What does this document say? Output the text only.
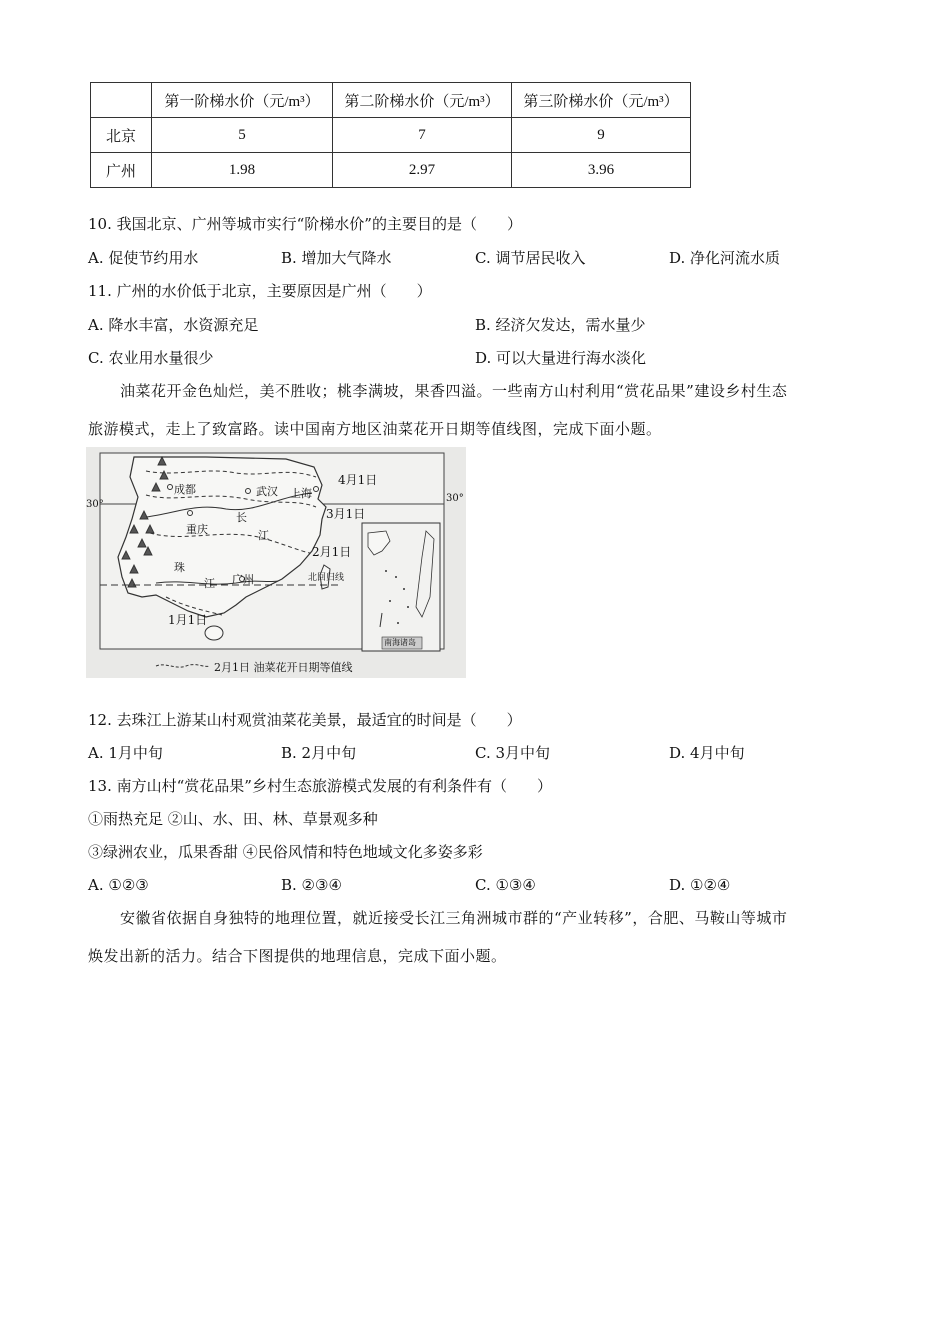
	第一阶梯水价（元/m³）	第二阶梯水价（元/m³）	第三阶梯水价（元/m³）
北京	5	7	9
广州	1.98	2.97	3.96
10. 我国北京、广州等城市实行“阶梯水价”的主要目的是（　　）
A. 促使节约用水	B. 增加大气降水	C. 调节居民收入	D. 净化河流水质
11. 广州的水价低于北京，主要原因是广州（　　）
A. 降水丰富，水资源充足	B. 经济欠发达，需水量少
C. 农业用水量很少	D. 可以大量进行海水淡化
油菜花开金色灿烂，美不胜收；桃李满坡，果香四溢。一些南方山村利用“赏花品果”建设乡村生态
旅游模式，走上了致富路。读中国南方地区油菜花开日期等值线图，完成下面小题。
30°
30°
成都	武汉 上海
重庆
广州
长
江
珠
江	北回归线
4月1日
3月1日
2月1日
1月1日
南海诸岛
2月1日 油菜花开日期等值线
12. 去珠江上游某山村观赏油菜花美景，最适宜的时间是（　　）
A. 1月中旬	B. 2月中旬	C. 3月中旬	D. 4月中旬
13. 南方山村“赏花品果”乡村生态旅游模式发展的有利条件有（　　）
①雨热充足 ②山、水、田、林、草景观多种
③绿洲农业，瓜果香甜 ④民俗风情和特色地域文化多姿多彩
A. ①②③	B. ②③④	C. ①③④	D. ①②④
安徽省依据自身独特的地理位置，就近接受长江三角洲城市群的“产业转移”，合肥、马鞍山等城市
焕发出新的活力。结合下图提供的地理信息，完成下面小题。
